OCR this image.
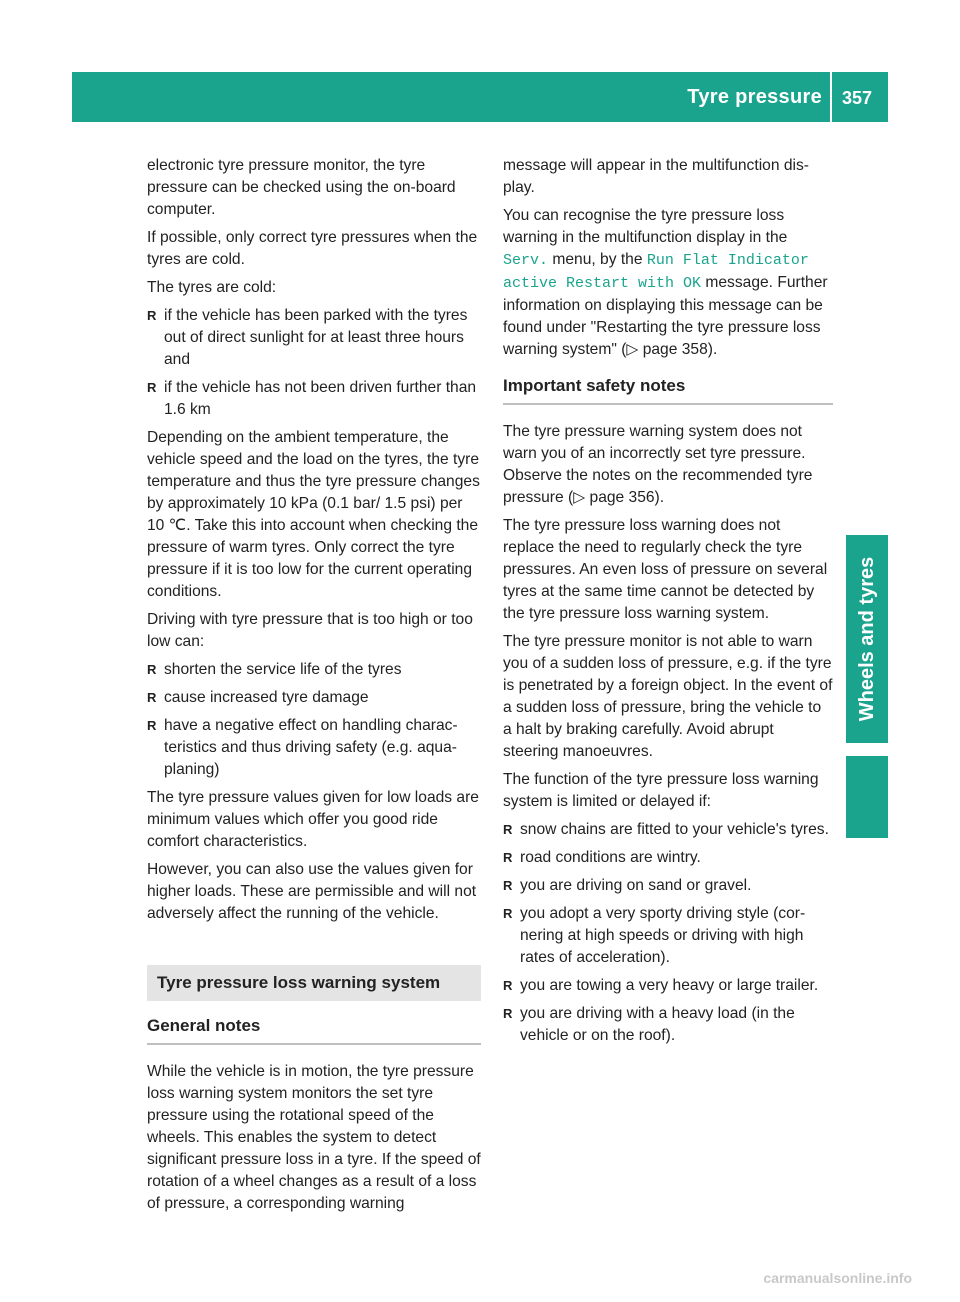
Tyre pressure 357
Wheels and tyres

electronic tyre pressure monitor, the tyre pressure can be checked using the on-board computer.

If possible, only correct tyre pressures when the tyres are cold.

The tyres are cold:

R if the vehicle has been parked with the tyres out of direct sunlight for at least three hours and
R if the vehicle has not been driven further than 1.6 km

Depending on the ambient temperature, the vehicle speed and the load on the tyres, the tyre temperature and thus the tyre pressure changes by approximately 10 kPa (0.1 bar/ 1.5 psi) per 10 ℃. Take this into account when checking the pressure of warm tyres. Only correct the tyre pressure if it is too low for the current operating conditions.

Driving with tyre pressure that is too high or too low can:

R shorten the service life of the tyres
R cause increased tyre damage
R have a negative effect on handling characteristics and thus driving safety (e.g. aquaplaning)

The tyre pressure values given for low loads are minimum values which offer you good ride comfort characteristics.

However, you can also use the values given for higher loads. These are permissible and will not adversely affect the running of the vehicle.

Tyre pressure loss warning system
General notes

While the vehicle is in motion, the tyre pressure loss warning system monitors the set tyre pressure using the rotational speed of the wheels. This enables the system to detect significant pressure loss in a tyre. If the speed of rotation of a wheel changes as a result of a loss of pressure, a corresponding warning

message will appear in the multifunction display.

You can recognise the tyre pressure loss warning in the multifunction display in the Serv. menu, by the Run Flat Indicator active Restart with OK message. Further information on displaying this message can be found under "Restarting the tyre pressure loss warning system" (▷ page 358).

Important safety notes

The tyre pressure warning system does not warn you of an incorrectly set tyre pressure. Observe the notes on the recommended tyre pressure (▷ page 356).

The tyre pressure loss warning does not replace the need to regularly check the tyre pressures. An even loss of pressure on several tyres at the same time cannot be detected by the tyre pressure loss warning system.

The tyre pressure monitor is not able to warn you of a sudden loss of pressure, e.g. if the tyre is penetrated by a foreign object. In the event of a sudden loss of pressure, bring the vehicle to a halt by braking carefully. Avoid abrupt steering manoeuvres.

The function of the tyre pressure loss warning system is limited or delayed if:

R snow chains are fitted to your vehicle's tyres.
R road conditions are wintry.
R you are driving on sand or gravel.
R you adopt a very sporty driving style (cornering at high speeds or driving with high rates of acceleration).
R you are towing a very heavy or large trailer.
R you are driving with a heavy load (in the vehicle or on the roof).
carmanualsonline.info
